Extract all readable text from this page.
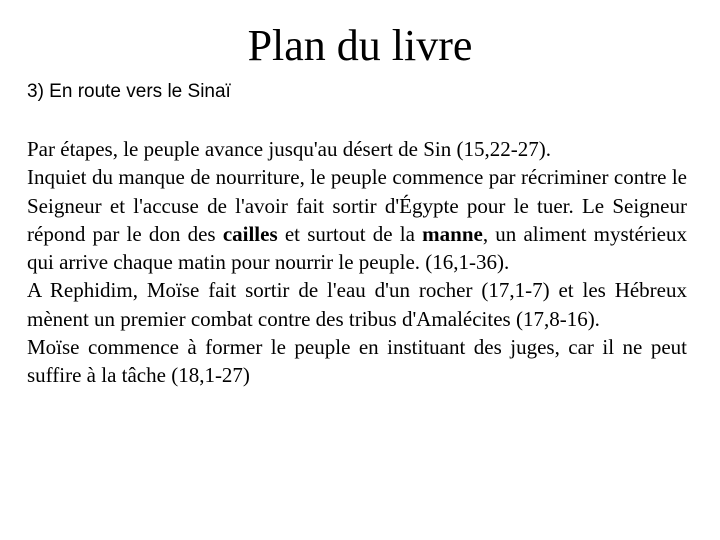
Plan du livre
3) En route vers le Sinaï

Par étapes, le peuple avance jusqu'au désert de Sin (15,22-27).

Inquiet du manque de nourriture, le peuple commence par récriminer contre le Seigneur et l'accuse de l'avoir fait sortir d'Égypte pour le tuer. Le Seigneur répond par le don des cailles et surtout de la manne, un aliment mystérieux qui arrive chaque matin pour nourrir le peuple. (16,1-36).

A Rephidim, Moïse fait sortir de l'eau d'un rocher (17,1-7) et les Hébreux mènent un premier combat contre des tribus d'Amalécites (17,8-16).

Moïse commence à former le peuple en instituant des juges, car il ne peut suffire à la tâche (18,1-27)
